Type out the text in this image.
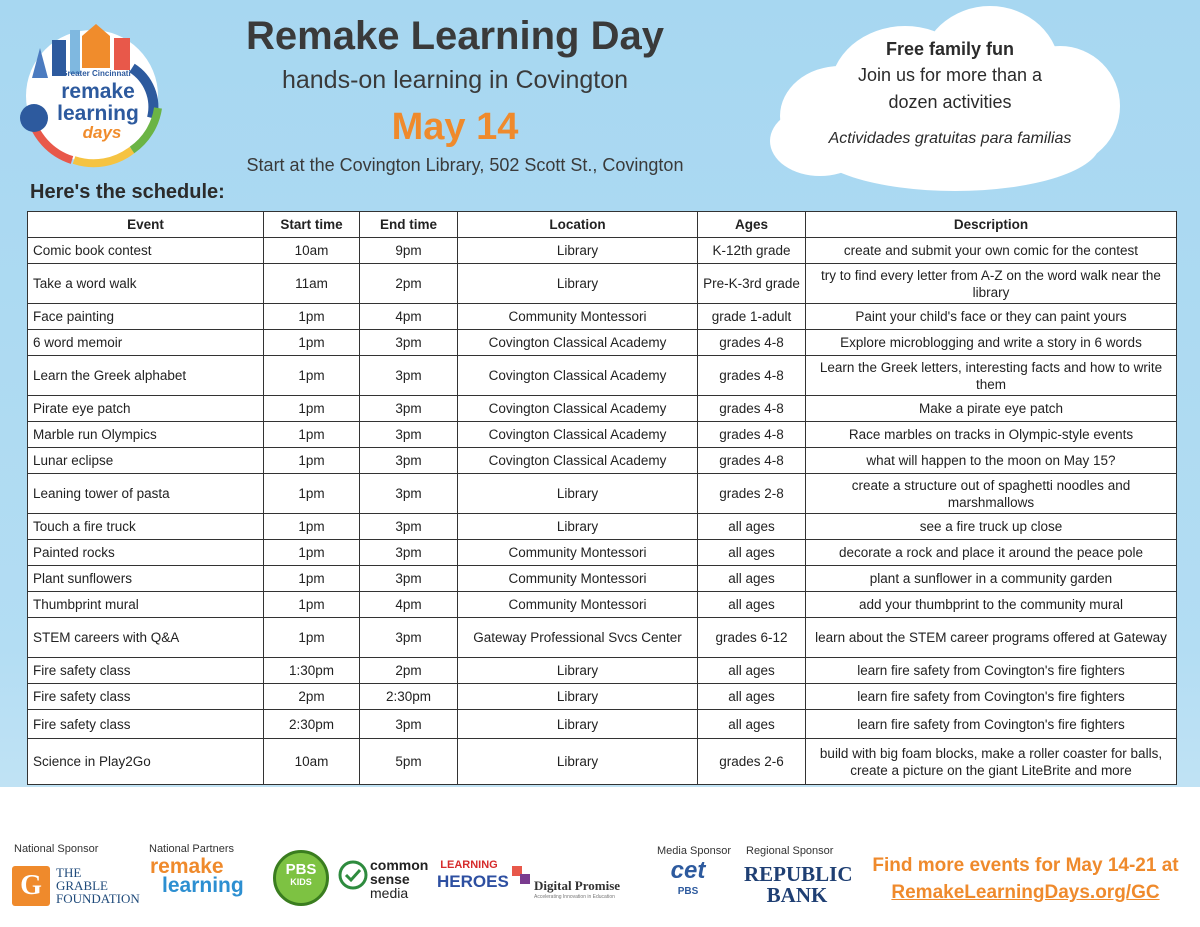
Greater Cincinnati
remake
learning
days
Remake Learning Day
hands-on learning in Covington
May 14
Start at the Covington Library, 502 Scott St., Covington
Here's the schedule:
Free family fun
Join us for more than a
dozen activities
Actividades gratuitas para familias
Event	Start time	End time	Location	Ages	Description
Comic book contest	10am	9pm	Library	K-12th grade	create and submit your own comic for the contest
Take a word walk	11am	2pm	Library	Pre-K-3rd grade	try to find every letter from A-Z on the word walk near the library
Face painting	1pm	4pm	Community Montessori	grade 1-adult	Paint your child's face or they can paint yours
6 word memoir	1pm	3pm	Covington Classical Academy	grades 4-8	Explore microblogging and write a story in 6 words
Learn the Greek alphabet	1pm	3pm	Covington Classical Academy	grades 4-8	Learn the Greek letters, interesting facts and how to write them
Pirate eye patch	1pm	3pm	Covington Classical Academy	grades 4-8	Make a pirate eye patch
Marble run Olympics	1pm	3pm	Covington Classical Academy	grades 4-8	Race marbles on tracks in Olympic-style events
Lunar eclipse	1pm	3pm	Covington Classical Academy	grades 4-8	what will happen to the moon on May 15?
Leaning tower of pasta	1pm	3pm	Library	grades 2-8	create a structure out of spaghetti noodles and marshmallows
Touch a fire truck	1pm	3pm	Library	all ages	see a fire truck up close
Painted rocks	1pm	3pm	Community Montessori	all ages	decorate a rock and place it around the peace pole
Plant sunflowers	1pm	3pm	Community Montessori	all ages	plant a sunflower in a community garden
Thumbprint mural	1pm	4pm	Community Montessori	all ages	add your thumbprint to the community mural
STEM careers with Q&A	1pm	3pm	Gateway Professional Svcs Center	grades 6-12	learn about the STEM career programs offered at Gateway
Fire safety class	1:30pm	2pm	Library	all ages	learn fire safety from Covington's fire fighters
Fire safety class	2pm	2:30pm	Library	all ages	learn fire safety from Covington's fire fighters
Fire safety class	2:30pm	3pm	Library	all ages	learn fire safety from Covington's fire fighters
Science in Play2Go	10am	5pm	Library	grades 2-6	build with big foam blocks, make a roller coaster for balls, create a picture on the giant LiteBrite and more
National Sponsor	National Partners	Media Sponsor Regional Sponsor
G	THE
GRABLE
FOUNDATION
remake
learning
PBS
KIDS
common
sense
media
LEARNING
HEROES Digital Promise
Accelerating Innovation in Education
cet
PBS
REPUBLIC
BANK
Find more events for May 14-21 at
RemakeLearningDays.org/GC
